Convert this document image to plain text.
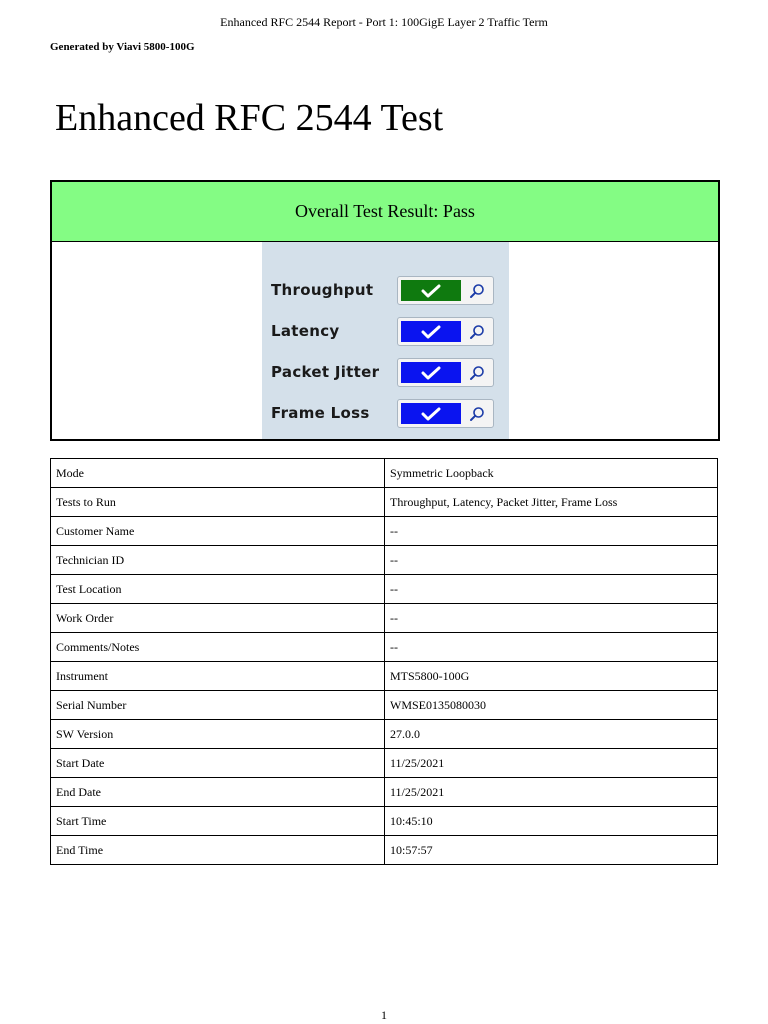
Enhanced RFC 2544 Report - Port 1: 100GigE Layer 2 Traffic Term
Generated by Viavi 5800-100G
Enhanced RFC 2544 Test
Overall Test Result: Pass
Throughput
Latency
Packet Jitter
Frame Loss
Mode	Symmetric Loopback
Tests to Run	Throughput, Latency, Packet Jitter, Frame Loss
Customer Name	--
Technician ID	--
Test Location	--
Work Order	--
Comments/Notes	--
Instrument	MTS5800-100G
Serial Number	WMSE0135080030
SW Version	27.0.0
Start Date	11/25/2021
End Date	11/25/2021
Start Time	10:45:10
End Time	10:57:57
1
